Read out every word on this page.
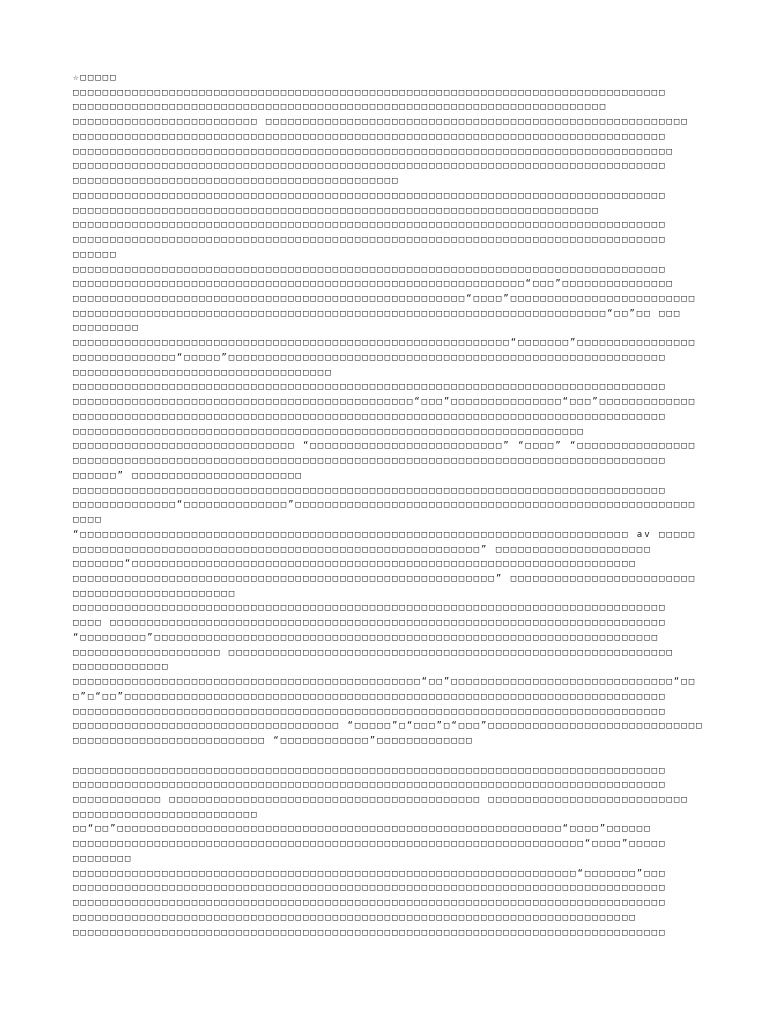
☆□□□□□
□□□□□□□□□□□□□□□□□□□□□□□□□□□□□□□□□□□□□□□□□□□□□□□□□□□□□□□□□□□□□□□□□□□□□□□□□□□□□□□□
□□□□□□□□□□□□□□□□□□□□□□□□□□□□□□□□□□□□□□□□□□□□□□□□□□□□□□□□□□□□□□□□□□□□□□□□
□□□□□□□□□□□□□□□□□□□□□□□□□ □□□□□□□□□□□□□□□□□□□□□□□□□□□□□□□□□□□□□□□□□□□□□□□□□□□□□□□□□
□□□□□□□□□□□□□□□□□□□□□□□□□□□□□□□□□□□□□□□□□□□□□□□□□□□□□□□□□□□□□□□□□□□□□□□□□□□□□□□□
□□□□□□□□□□□□□□□□□□□□□□□□□□□□□□□□□□□□□□□□□□□□□□□□□□□□□□□□□□□□□□□□□□□□□□□□□□□□□□□□□
□□□□□□□□□□□□□□□□□□□□□□□□□□□□□□□□□□□□□□□□□□□□□□□□□□□□□□□□□□□□□□□□□□□□□□□□□□□□□□□□
□□□□□□□□□□□□□□□□□□□□□□□□□□□□□□□□□□□□□□□□□□□□
□□□□□□□□□□□□□□□□□□□□□□□□□□□□□□□□□□□□□□□□□□□□□□□□□□□□□□□□□□□□□□□□□□□□□□□□□□□□□□□□
□□□□□□□□□□□□□□□□□□□□□□□□□□□□□□□□□□□□□□□□□□□□□□□□□□□□□□□□□□□□□□□□□□□□□□□
□□□□□□□□□□□□□□□□□□□□□□□□□□□□□□□□□□□□□□□□□□□□□□□□□□□□□□□□□□□□□□□□□□□□□□□□□□□□□□□□
□□□□□□□□□□□□□□□□□□□□□□□□□□□□□□□□□□□□□□□□□□□□□□□□□□□□□□□□□□□□□□□□□□□□□□□□□□□□□□□□
□□□□□□
□□□□□□□□□□□□□□□□□□□□□□□□□□□□□□□□□□□□□□□□□□□□□□□□□□□□□□□□□□□□□□□□□□□□□□□□□□□□□□□□
□□□□□□□□□□□□□□□□□□□□□□□□□□□□□□□□□□□□□□□□□□□□□□□□□□□□□□□□□□□□□“□□□”□□□□□□□□□□□□□□□
□□□□□□□□□□□□□□□□□□□□□□□□□□□□□□□□□□□□□□□□□□□□□□□□□□□□□“□□□□”□□□□□□□□□□□□□□□□□□□□□□□□□
□□□□□□□□□□□□□□□□□□□□□□□□□□□□□□□□□□□□□□□□□□□□□□□□□□□□□□□□□□□□□□□□□□□□□□□□“□□”□□ □□□
□□□□□□□□□
□□□□□□□□□□□□□□□□□□□□□□□□□□□□□□□□□□□□□□□□□□□□□□□□□□□□□□□□□□□“□□□□□□□”□□□□□□□□□□□□□□□□
□□□□□□□□□□□□□□“□□□□□”□□□□□□□□□□□□□□□□□□□□□□□□□□□□□□□□□□□□□□□□□□□□□□□□□□□□□□□□□□□
□□□□□□□□□□□□□□□□□□□□□□□□□□□□□□□□□□□
□□□□□□□□□□□□□□□□□□□□□□□□□□□□□□□□□□□□□□□□□□□□□□□□□□□□□□□□□□□□□□□□□□□□□□□□□□□□□□□□
□□□□□□□□□□□□□□□□□□□□□□□□□□□□□□□□□□□□□□□□□□□□□□“□□□”□□□□□□□□□□□□□□□“□□□”□□□□□□□□□□□□□
□□□□□□□□□□□□□□□□□□□□□□□□□□□□□□□□□□□□□□□□□□□□□□□□□□□□□□□□□□□□□□□□□□□□□□□□□□□□□□□□
□□□□□□□□□□□□□□□□□□□□□□□□□□□□□□□□□□□□□□□□□□□□□□□□□□□□□□□□□□□□□□□□□□□□□
□□□□□□□□□□□□□□□□□□□□□□□□□□□□□□ “□□□□□□□□□□□□□□□□□□□□□□□□□□” “□□□□” “□□□□□□□□□□□□□□□□
□□□□□□□□□□□□□□□□□□□□□□□□□□□□□□□□□□□□□□□□□□□□□□□□□□□□□□□□□□□□□□□□□□□□□□□□□□□□□□□□
□□□□□□” □□□□□□□□□□□□□□□□□□□□□□□
□□□□□□□□□□□□□□□□□□□□□□□□□□□□□□□□□□□□□□□□□□□□□□□□□□□□□□□□□□□□□□□□□□□□□□□□□□□□□□□□
□□□□□□□□□□□□□□“□□□□□□□□□□□□□□”□□□□□□□□□□□□□□□□□□□□□□□□□□□□□□□□□□□□□□□□□□□□□□□□□□□□□□
□□□□
“□□□□□□□□□□□□□□□□□□□□□□□□□□□□□□□□□□□□□□□□□□□□□□□□□□□□□□□□□□□□□□□□□□□□□□□□□□ av □□□□□
□□□□□□□□□□□□□□□□□□□□□□□□□□□□□□□□□□□□□□□□□□□□□□□□□□□□□□□” □□□□□□□□□□□□□□□□□□□□□
□□□□□□□“□□□□□□□□□□□□□□□□□□□□□□□□□□□□□□□□□□□□□□□□□□□□□□□□□□□□□□□□□□□□□□□□□□□□
□□□□□□□□□□□□□□□□□□□□□□□□□□□□□□□□□□□□□□□□□□□□□□□□□□□□□□□□□” □□□□□□□□□□□□□□□□□□□□□□□□□
□□□□□□□□□□□□□□□□□□□□□□
□□□□□□□□□□□□□□□□□□□□□□□□□□□□□□□□□□□□□□□□□□□□□□□□□□□□□□□□□□□□□□□□□□□□□□□□□□□□□□□□
□□□□ □□□□□□□□□□□□□□□□□□□□□□□□□□□□□□□□□□□□□□□□□□□□□□□□□□□□□□□□□□□□□□□□□□□□□□□□□□□
“□□□□□□□□□”□□□□□□□□□□□□□□□□□□□□□□□□□□□□□□□□□□□□□□□□□□□□□□□□□□□□□□□□□□□□□□□□□□□□
□□□□□□□□□□□□□□□□□□□□ □□□□□□□□□□□□□□□□□□□□□□□□□□□□□□□□□□□□□□□□□□□□□□□□□□□□□□□□□□□□
□□□□□□□□□□□□□
□□□□□□□□□□□□□□□□□□□□□□□□□□□□□□□□□□□□□□□□□□□□□□□“□□”□□□□□□□□□□□□□□□□□□□□□□□□□□□□□□“□□
□”□“□□”□□□□□□□□□□□□□□□□□□□□□□□□□□□□□□□□□□□□□□□□□□□□□□□□□□□□□□□□□□□□□□□□□□□□□□□□□
□□□□□□□□□□□□□□□□□□□□□□□□□□□□□□□□□□□□□□□□□□□□□□□□□□□□□□□□□□□□□□□□□□□□□□□□□□□□□□□□
□□□□□□□□□□□□□□□□□□□□□□□□□□□□□□□□□□□□ “□□□□□”□“□□□”□“□□□”□□□□□□□□□□□□□□□□□□□□□□□□□□□□□
□□□□□□□□□□□□□□□□□□□□□□□□□□ “□□□□□□□□□□□□”□□□□□□□□□□□□□
□□□□□□□□□□□□□□□□□□□□□□□□□□□□□□□□□□□□□□□□□□□□□□□□□□□□□□□□□□□□□□□□□□□□□□□□□□□□□□□□
□□□□□□□□□□□□□□□□□□□□□□□□□□□□□□□□□□□□□□□□□□□□□□□□□□□□□□□□□□□□□□□□□□□□□□□□□□□□□□□□
□□□□□□□□□□□□ □□□□□□□□□□□□□□□□□□□□□□□□□□□□□□□□□□□□□□□□□□ □□□□□□□□□□□□□□□□□□□□□□□□□□□
□□□□□□□□□□□□□□□□□□□□□□□□□
□□“□□”□□□□□□□□□□□□□□□□□□□□□□□□□□□□□□□□□□□□□□□□□□□□□□□□□□□□□□□□□□□□“□□□□”□□□□□□
□□□□□□□□□□□□□□□□□□□□□□□□□□□□□□□□□□□□□□□□□□□□□□□□□□□□□□□□□□□□□□□□□□□□□“□□□□”□□□□□
□□□□□□□□
□□□□□□□□□□□□□□□□□□□□□□□□□□□□□□□□□□□□□□□□□□□□□□□□□□□□□□□□□□□□□□□□□□□□“□□□□□□□”□□□
□□□□□□□□□□□□□□□□□□□□□□□□□□□□□□□□□□□□□□□□□□□□□□□□□□□□□□□□□□□□□□□□□□□□□□□□□□□□□□□□
□□□□□□□□□□□□□□□□□□□□□□□□□□□□□□□□□□□□□□□□□□□□□□□□□□□□□□□□□□□□□□□□□□□□□□□□□□□□□□□□
□□□□□□□□□□□□□□□□□□□□□□□□□□□□□□□□□□□□□□□□□□□□□□□□□□□□□□□□□□□□□□□□□□□□□□□□□□□□
□□□□□□□□□□□□□□□□□□□□□□□□□□□□□□□□□□□□□□□□□□□□□□□□□□□□□□□□□□□□□□□□□□□□□□□□□□□□□□□□
